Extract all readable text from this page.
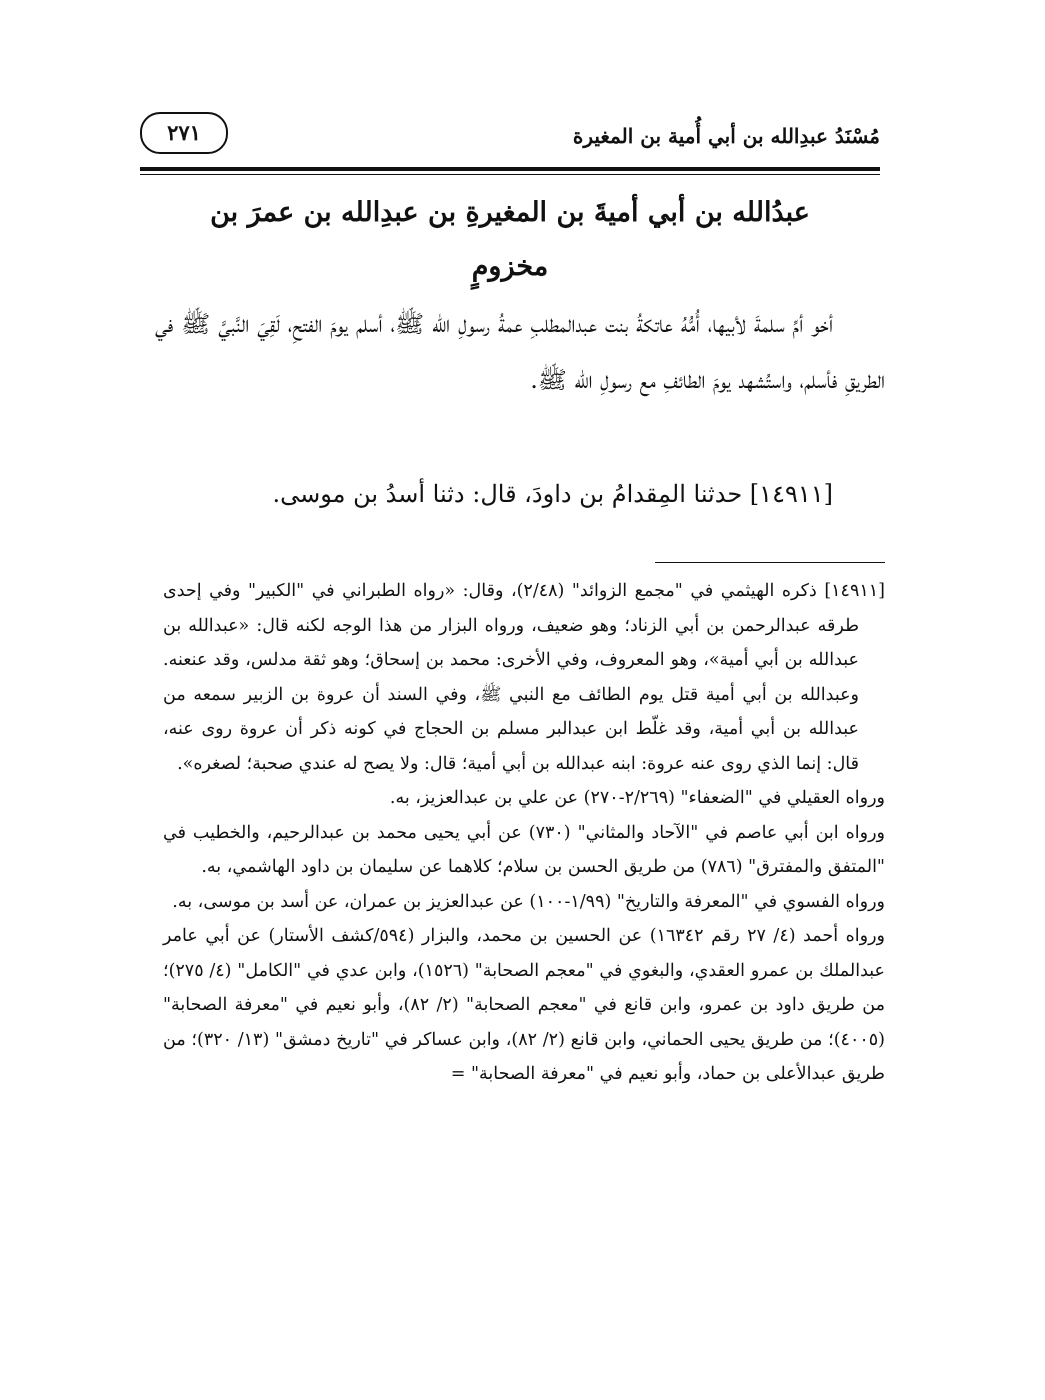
مُسْنَدُ عبدِالله بن أبي أُمية بن المغيرة
٢٧١
عبدُالله بن أبي أميةَ بن المغيرةِ بن عبدِالله بن عمرَ بن مخزومٍ

أخو أمِّ سلمةَ لأبيها، أُمُّهُ عاتكةُ بنت عبدالمطلبِ عمةُ رسولِ الله ﷺ، أسلم يومَ الفتحِ، لَقِيَ النَّبيَّ ﷺ في الطريقِ فأسلم، واستُشهد يومَ الطائفِ مع رسولِ الله ﷺ.

[١٤٩١١] حدثنا المِقدامُ بن داودَ، قال: دثنا أسدُ بن موسى.

[١٤٩١١] ذكره الهيثمي في "مجمع الزوائد" (٢/٤٨)، وقال: «رواه الطبراني في "الكبير" وفي إحدى طرقه عبدالرحمن بن أبي الزناد؛ وهو ضعيف، ورواه البزار من هذا الوجه لكنه قال: «عبدالله بن عبدالله بن أبي أمية»، وهو المعروف، وفي الأخرى: محمد بن إسحاق؛ وهو ثقة مدلس، وقد عنعنه. وعبدالله بن أبي أمية قتل يوم الطائف مع النبي ﷺ، وفي السند أن عروة بن الزبير سمعه من عبدالله بن أبي أمية، وقد غلّط ابن عبدالبر مسلم بن الحجاج في كونه ذكر أن عروة روى عنه، قال: إنما الذي روى عنه عروة: ابنه عبدالله بن أبي أمية؛ قال: ولا يصح له عندي صحبة؛ لصغره».

ورواه العقيلي في "الضعفاء" (٢/٢٦٩-٢٧٠) عن علي بن عبدالعزيز، به.

ورواه ابن أبي عاصم في "الآحاد والمثاني" (٧٣٠) عن أبي يحيى محمد بن عبدالرحيم، والخطيب في "المتفق والمفترق" (٧٨٦) من طريق الحسن بن سلام؛ كلاهما عن سليمان بن داود الهاشمي، به.

ورواه الفسوي في "المعرفة والتاريخ" (١/٩٩-١٠٠) عن عبدالعزيز بن عمران، عن أسد بن موسى، به.

ورواه أحمد (٤/ ٢٧ رقم ١٦٣٤٢) عن الحسين بن محمد، والبزار (٥٩٤/كشف الأستار) عن أبي عامر عبدالملك بن عمرو العقدي، والبغوي في "معجم الصحابة" (١٥٢٦)، وابن عدي في "الكامل" (٤/ ٢٧٥)؛ من طريق داود بن عمرو، وابن قانع في "معجم الصحابة" (٢/ ٨٢)، وأبو نعيم في "معرفة الصحابة" (٤٠٠٥)؛ من طريق يحيى الحماني، وابن قانع (٢/ ٨٢)، وابن عساكر في "تاريخ دمشق" (١٣/ ٣٢٠)؛ من طريق عبدالأعلى بن حماد، وأبو نعيم في "معرفة الصحابة" =
